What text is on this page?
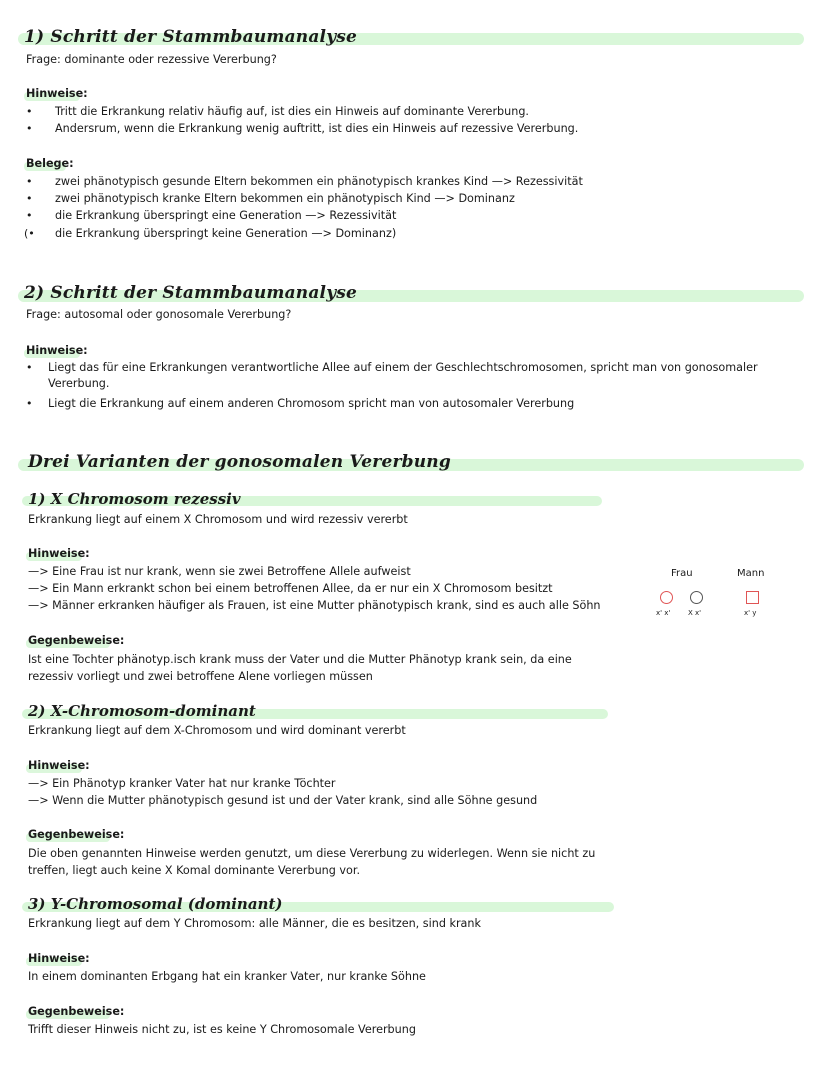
1) Schritt der Stammbaumanalyse
Frage: dominante oder rezessive Vererbung?
Hinweise:
• Tritt die Erkrankung relativ häufig auf, ist dies ein Hinweis auf dominante Vererbung.
• Andersrum, wenn die Erkrankung wenig auftritt, ist dies ein Hinweis auf rezessive Vererbung.
Belege:
• zwei phänotypisch gesunde Eltern bekommen ein phänotypisch krankes Kind —> Rezessivität
• zwei phänotypisch kranke Eltern bekommen ein phänotypisch Kind —> Dominanz
• die Erkrankung überspringt eine Generation —> Rezessivität
(• die Erkrankung überspringt keine Generation —> Dominanz)
2) Schritt der Stammbaumanalyse
Frage: autosomal oder gonosomale Vererbung?
Hinweise:
• Liegt das für eine Erkrankungen verantwortliche Allee auf einem der Geschlechtschromosomen, spricht man von gonosomaler
Vererbung.
• Liegt die Erkrankung auf einem anderen Chromosom spricht man von autosomaler Vererbung
Drei Varianten der gonosomalen Vererbung
1) X Chromosom rezessiv
Erkrankung liegt auf einem X Chromosom und wird rezessiv vererbt
Hinweise:
—> Eine Frau ist nur krank, wenn sie zwei Betroffene Allele aufweist
—> Ein Mann erkrankt schon bei einem betroffenen Allee, da er nur ein X Chromosom besitzt
—> Männer erkranken häufiger als Frauen, ist eine Mutter phänotypisch krank, sind es auch alle Söhn
Frau	Mann
x' x'	X x'	x' y
Gegenbeweise:
Ist eine Tochter phänotyp.isch krank muss der Vater und die Mutter Phänotyp krank sein, da eine
rezessiv vorliegt und zwei betroffene Alene vorliegen müssen
2) X-Chromosom-dominant
Erkrankung liegt auf dem X-Chromosom und wird dominant vererbt
Hinweise:
—> Ein Phänotyp kranker Vater hat nur kranke Töchter
—> Wenn die Mutter phänotypisch gesund ist und der Vater krank, sind alle Söhne gesund
Gegenbeweise:
Die oben genannten Hinweise werden genutzt, um diese Vererbung zu widerlegen. Wenn sie nicht zu
treffen, liegt auch keine X Komal dominante Vererbung vor.
3) Y-Chromosomal (dominant)
Erkrankung liegt auf dem Y Chromosom: alle Männer, die es besitzen, sind krank
Hinweise:
In einem dominanten Erbgang hat ein kranker Vater, nur kranke Söhne
Gegenbeweise:
Trifft dieser Hinweis nicht zu, ist es keine Y Chromosomale Vererbung
